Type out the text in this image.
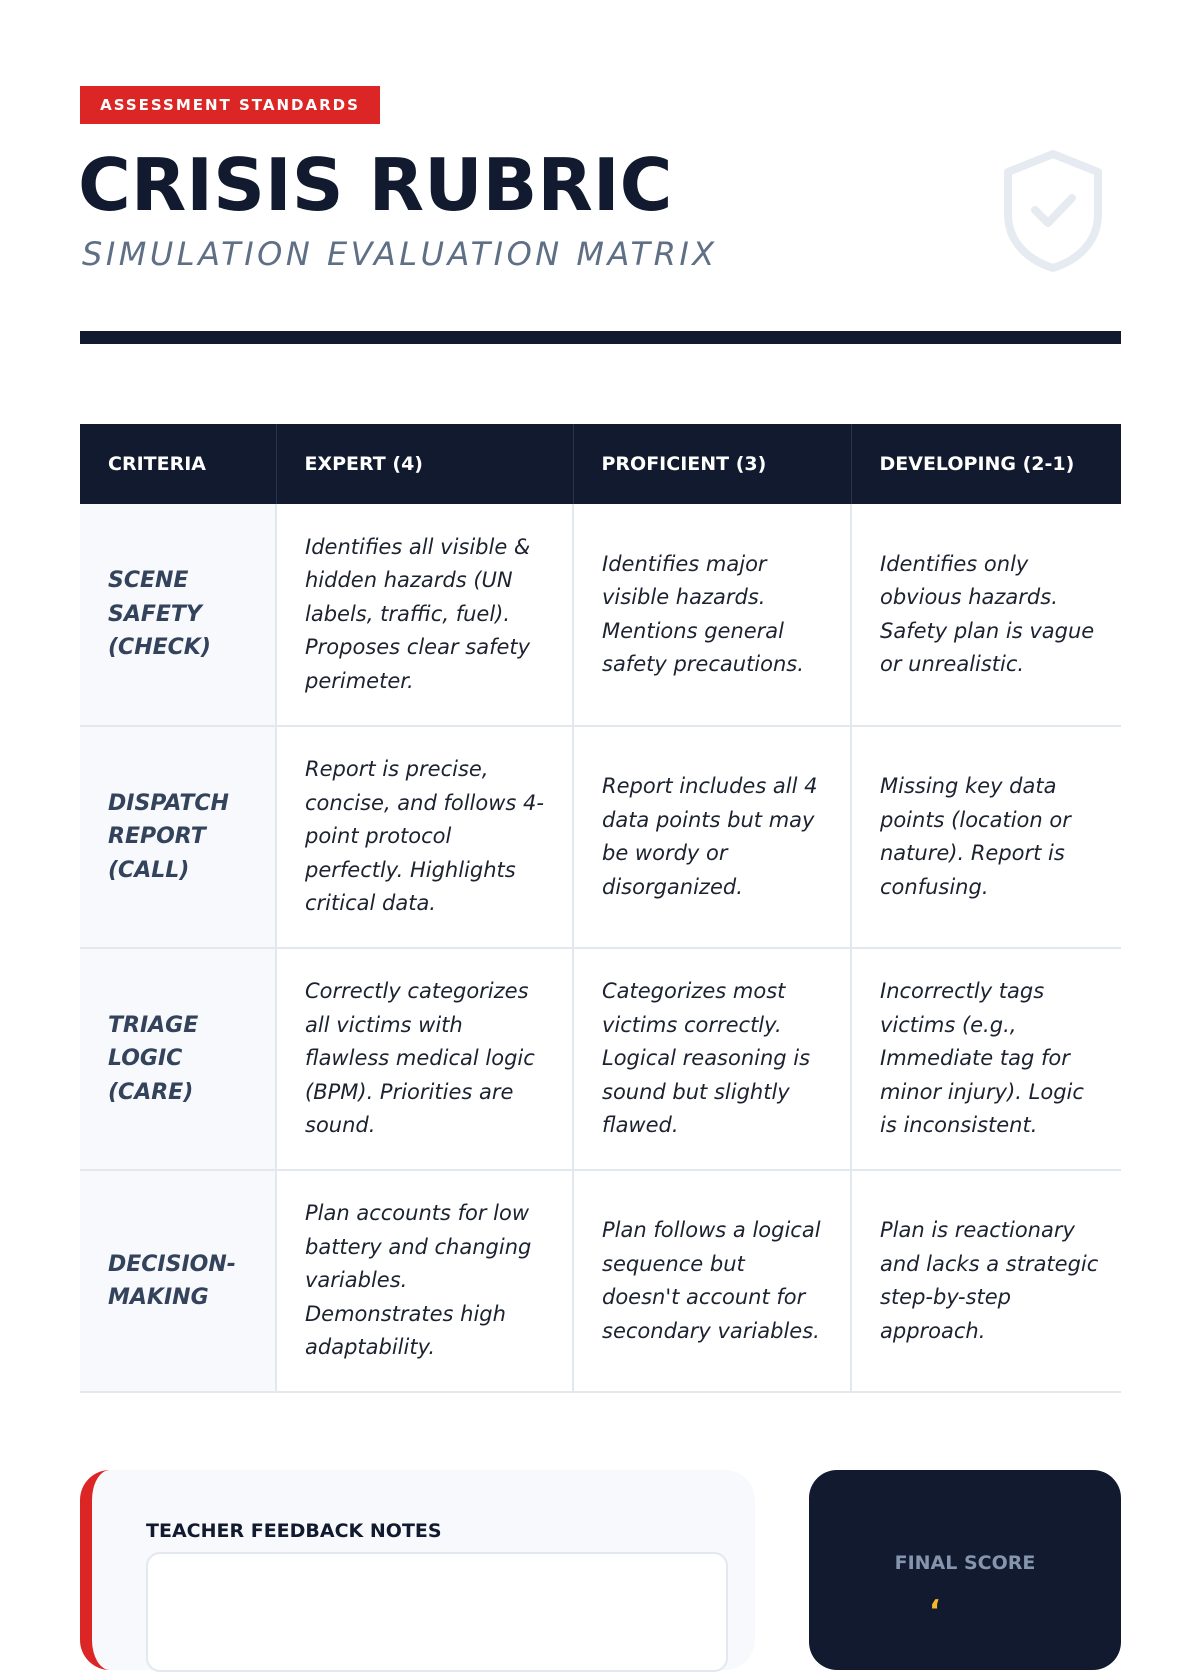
ASSESSMENT STANDARDS
CRISIS RUBRIC
SIMULATION EVALUATION MATRIX
CRITERIA	EXPERT (4)	PROFICIENT (3)	DEVELOPING (2-1)
SCENE SAFETY (CHECK)	Identifies all visible & hidden hazards (UN labels, traffic, fuel). Proposes clear safety perimeter.	Identifies major visible hazards. Mentions general safety precautions.	Identifies only obvious hazards. Safety plan is vague or unrealistic.
DISPATCH REPORT (CALL)	Report is precise, concise, and follows 4-point protocol perfectly. Highlights critical data.	Report includes all 4 data points but may be wordy or disorganized.	Missing key data points (location or nature). Report is confusing.
TRIAGE LOGIC (CARE)	Correctly categorizes all victims with flawless medical logic (BPM). Priorities are sound.	Categorizes most victims correctly. Logical reasoning is sound but slightly flawed.	Incorrectly tags victims (e.g., Immediate tag for minor injury). Logic is inconsistent.
DECISION-MAKING	Plan accounts for low battery and changing variables. Demonstrates high adaptability.	Plan follows a logical sequence but doesn't account for secondary variables.	Plan is reactionary and lacks a strategic step-by-step approach.
TEACHER FEEDBACK NOTES
FINAL SCORE
‘
